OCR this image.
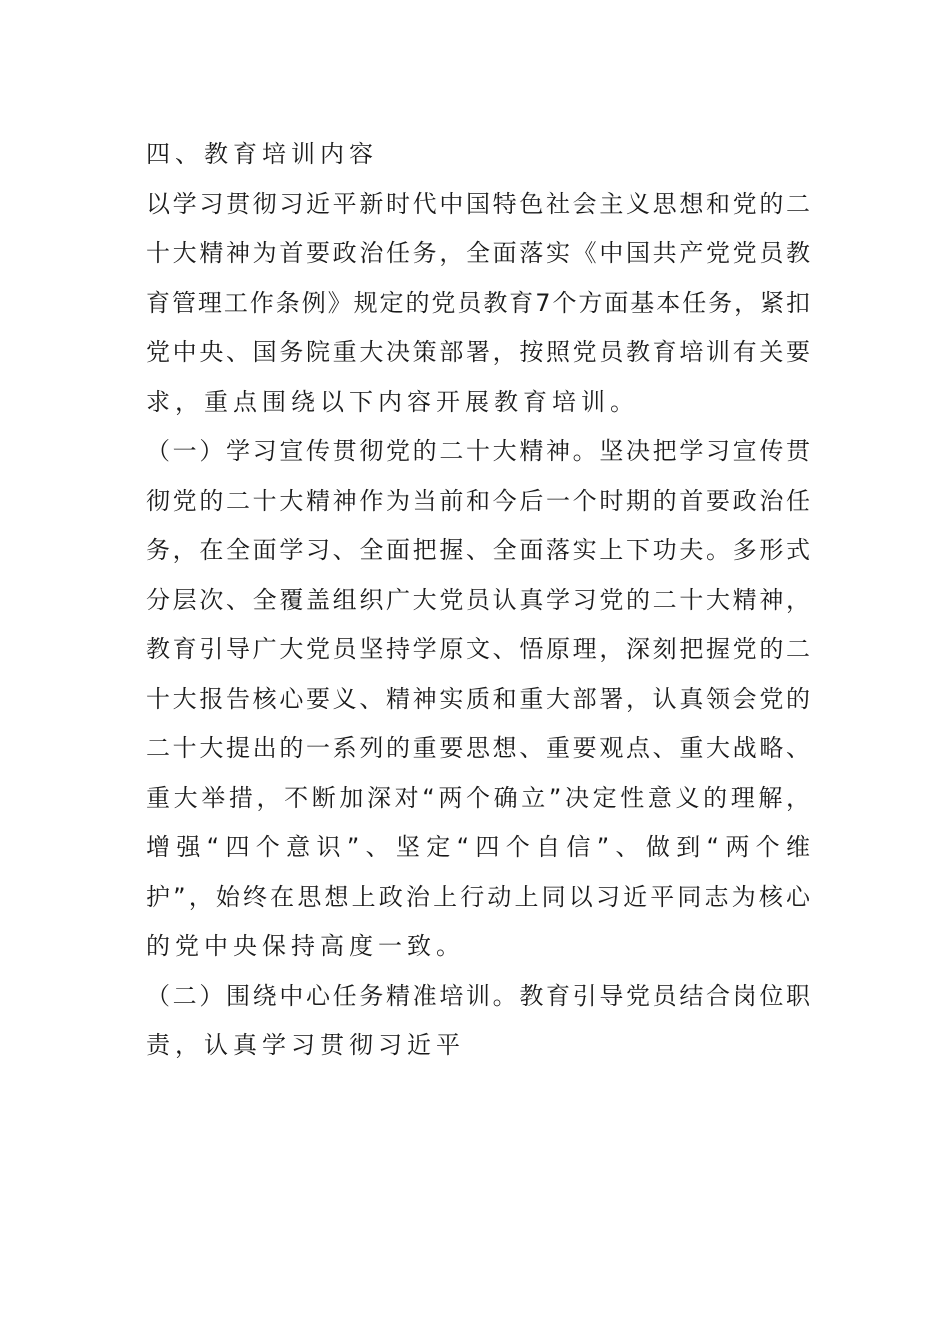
四、教育培训内容
以学习贯彻习近平新时代中国特色社会主义思想和党的二
十大精神为首要政治任务，全面落实《中国共产党党员教
育管理工作条例》规定的党员教育7个方面基本任务，紧扣
党中央、国务院重大决策部署，按照党员教育培训有关要
求，重点围绕以下内容开展教育培训。
（一）学习宣传贯彻党的二十大精神。坚决把学习宣传贯
彻党的二十大精神作为当前和今后一个时期的首要政治任
务，在全面学习、全面把握、全面落实上下功夫。多形式
分层次、全覆盖组织广大党员认真学习党的二十大精神，
教育引导广大党员坚持学原文、悟原理，深刻把握党的二
十大报告核心要义、精神实质和重大部署，认真领会党的
二十大提出的一系列的重要思想、重要观点、重大战略、
重大举措，不断加深对“两个确立”决定性意义的理解，
增强“四个意识”、坚定“四个自信”、做到“两个维
护”，始终在思想上政治上行动上同以习近平同志为核心
的党中央保持高度一致。
（二）围绕中心任务精准培训。教育引导党员结合岗位职
责，认真学习贯彻习近平
